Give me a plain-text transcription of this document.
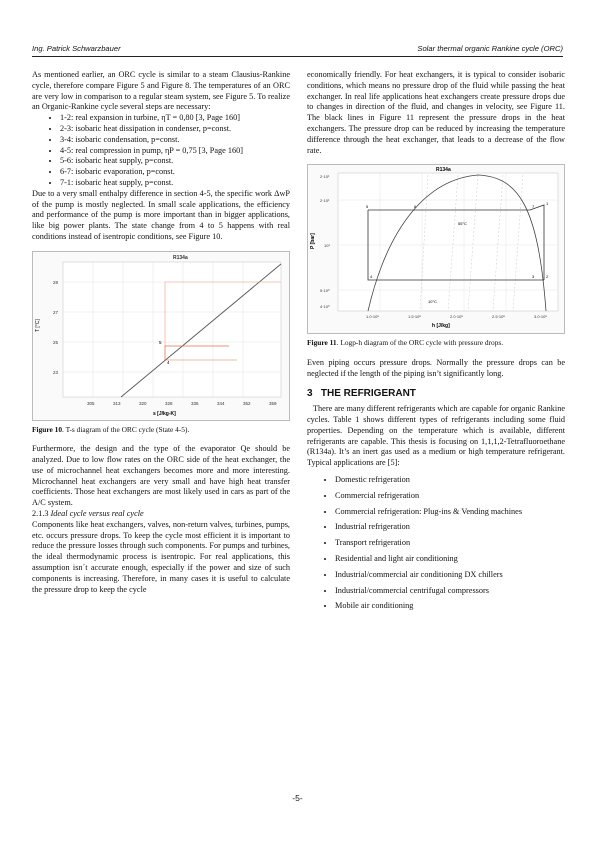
Ing. Patrick Schwarzbauer	Solar thermal organic Rankine cycle (ORC)

As mentioned earlier, an ORC cycle is similar to a steam Clausius-Rankine cycle, therefore compare Figure 5 and Figure 8. The temperatures of an ORC are very low in comparison to a regular steam system, see Figure 5. To realize an Organic-Rankine cycle several steps are necessary:

• 1-2: real expansion in turbine, ηT = 0,80 [3, Page 160]
• 2-3: isobaric heat dissipation in condenser, p=const.
• 3-4: isobaric condensation, p=const.
• 4-5: real compression in pump, ηP = 0,75 [3, Page 160]
• 5-6: isobaric heat supply, p=const.
• 6-7: isobaric evaporation, p=const.
• 7-1: isobaric heat supply, p=const.

Due to a very small enthalpy difference in section 4-5, the specific work ΔwP of the pump is mostly neglected. In small scale applications, the efficiency and performance of the pump is more important than in bigger applications, like big power plants. The state change from 4 to 5 happens with real conditions instead of isentropic conditions, see Figure 10.

5
4
R134a
T [°C]
28
27
25
23
305	313	320	328	336	344	352	359
s [J/kg-K]
Figure 10. T-s diagram of the ORC cycle (State 4-5).

Furthermore, the design and the type of the evaporator Qe should be analyzed. Due to low flow rates on the ORC side of the heat exchanger, the use of microchannel heat exchangers becomes more and more interesting. Microchannel heat exchangers are very small and have high heat transfer coefficients. Those heat exchangers are most likely used in cars as part of the A/C system.

2.1.3 Ideal cycle versus real cycle

Components like heat exchangers, valves, non-return valves, turbines, pumps, etc. occurs pressure drops. To keep the cycle most efficient it is important to reduce the pressure losses through such components. For pumps and turbines, the ideal thermodynamic process is isentropic. For real applications, this assumption isn´t accurate enough, especially if the power and size of such components is increasing. Therefore, in many cases it is useful to calculate the pressure drop to keep the cycle

economically friendly. For heat exchangers, it is typical to consider isobaric conditions, which means no pressure drop of the fluid while passing the heat exchanger. In real life applications heat exchangers create pressure drops due to changes in direction of the fluid, and changes in velocity, see Figure 11. The black lines in Figure 11 represent the pressure drops in the heat exchangers. The pressure drop can be reduced by increasing the temperature difference through the heat exchanger, that leads to a decrease of the flow rate.

5	6	7
1
4	3	2
55°C
10°C
R134a
P [bar]
2·10¹
2·10¹
10¹
5·10⁰
4·10⁰
1.0·10⁵	1.5·10⁵	2.0·10⁵	2.5·10⁵	3.0·10⁵
h [J/kg]
Figure 11. Logp-h diagram of the ORC cycle with pressure drops.

Even piping occurs pressure drops. Normally the pressure drops can be neglected if the length of the piping isn’t significantly long.

3 THE REFRIGERANT

There are many different refrigerants which are capable for organic Rankine cycles. Table 1 shows different types of refrigerants including some fluid properties. Depending on the temperature which is available, different refrigerants are capable. This thesis is focusing on 1,1,1,2-Tetrafluoroethane (R134a). It’s an inert gas used as a medium or high temperature refrigerant. Typical applications are [5]:

• Domestic refrigeration
• Commercial refrigeration
• Commercial refrigeration: Plug-ins & Vending machines
• Industrial refrigeration
• Transport refrigeration
• Residential and light air conditioning
• Industrial/commercial air conditioning DX chillers
• Industrial/commercial centrifugal compressors
• Mobile air conditioning
-5-
